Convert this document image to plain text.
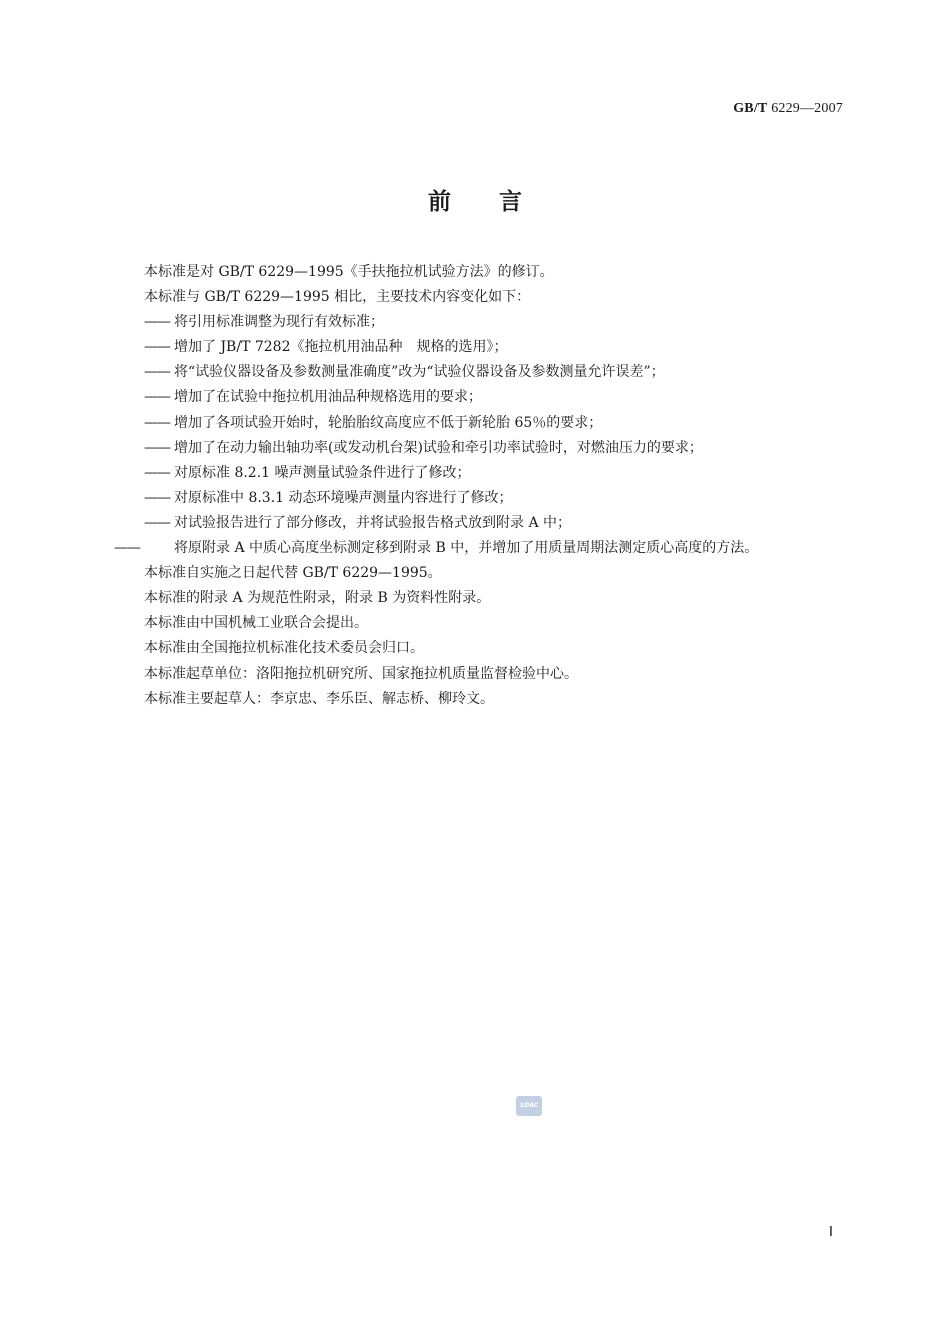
GB/T 6229—2007
前言
本标准是对 GB/T 6229—1995《手扶拖拉机试验方法》的修订。
本标准与 GB/T 6229—1995 相比，主要技术内容变化如下：
—— 将引用标准调整为现行有效标准；
—— 增加了 JB/T 7282《拖拉机用油品种　规格的选用》；
—— 将“试验仪器设备及参数测量准确度”改为“试验仪器设备及参数测量允许误差”；
—— 增加了在试验中拖拉机用油品种规格选用的要求；
—— 增加了各项试验开始时，轮胎胎纹高度应不低于新轮胎 65％的要求；
—— 增加了在动力输出轴功率(或发动机台架)试验和牵引功率试验时，对燃油压力的要求；
—— 对原标准 8.2.1 噪声测量试验条件进行了修改；
—— 对原标准中 8.3.1 动态环境噪声测量内容进行了修改；
—— 对试验报告进行了部分修改，并将试验报告格式放到附录 A 中；
—— 将原附录 A 中质心高度坐标测定移到附录 B 中，并增加了用质量周期法测定质心高度的方法。
本标准自实施之日起代替 GB/T 6229—1995。
本标准的附录 A 为规范性附录，附录 B 为资料性附录。
本标准由中国机械工业联合会提出。
本标准由全国拖拉机标准化技术委员会归口。
本标准起草单位：洛阳拖拉机研究所、国家拖拉机质量监督检验中心。
本标准主要起草人：李京忠、李乐臣、解志桥、柳玲文。
SDAC
Ⅰ
